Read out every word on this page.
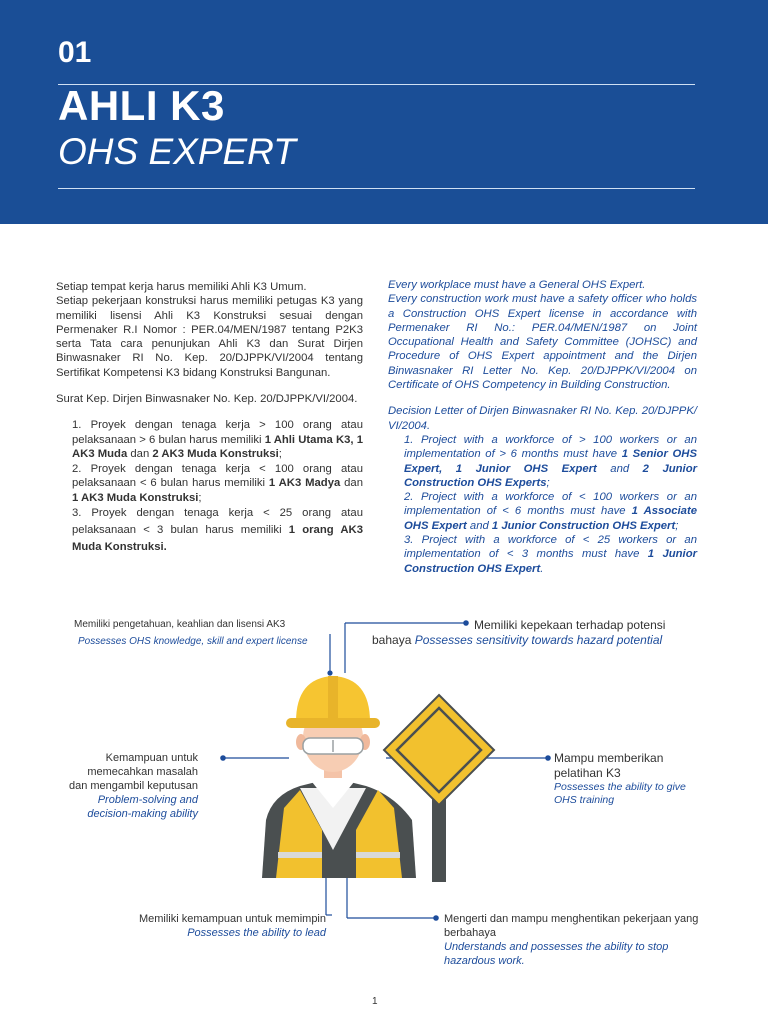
01
AHLI K3
OHS EXPERT

Setiap tempat kerja harus memiliki Ahli K3 Umum.

Setiap pekerjaan konstruksi harus memiliki petugas K3 yang memiliki lisensi Ahli K3 Konstruksi sesuai dengan Permenaker R.I Nomor : PER.04/MEN/1987 tentang P2K3 serta Tata cara penunjukan Ahli K3 dan Surat Dirjen Binwasnaker RI No. Kep. 20/DJPPK/VI/2004 tentang Sertifikat Kompetensi K3 bidang Konstruksi Bangunan.

Surat Kep. Dirjen Binwasnaker No. Kep. 20/DJPPK/VI/2004.

1. Proyek dengan tenaga kerja > 100 orang atau pelaksanaan > 6 bulan harus memiliki 1 Ahli Utama K3, 1 AK3 Muda dan 2 AK3 Muda Konstruksi;
2. Proyek dengan tenaga kerja < 100 orang atau pelaksanaan < 6 bulan harus memiliki 1 AK3 Madya dan 1 AK3 Muda Konstruksi;
3. Proyek dengan tenaga kerja < 25 orang atau pelaksanaan < 3 bulan harus memiliki 1 orang AK3 Muda Konstruksi.

Every workplace must have a General OHS Expert.

Every construction work must have a safety officer who holds a Construction OHS Expert license in accordance with Permenaker RI No.: PER.04/MEN/1987 on Joint Occupational Health and Safety Committee (JOHSC) and Procedure of OHS Expert appointment and the Dirjen Binwasnaker RI Letter No. Kep. 20/DJPPK/VI/2004 on Certificate of OHS Competency in Building Construction.

Decision Letter of Dirjen Binwasnaker RI No. Kep. 20/DJPPK/ VI/2004.

1. Project with a workforce of > 100 workers or an implementation of > 6 months must have 1 Senior OHS Expert, 1 Junior OHS Expert and 2 Junior Construction OHS Experts;
2. Project with a workforce of < 100 workers or an implementation of < 6 months must have 1 Associate OHS Expert and 1 Junior Construction OHS Expert;
3. Project with a workforce of < 25 workers or an implementation of < 3 months must have 1 Junior Construction OHS Expert.
Memiliki pengetahuan, keahlian dan lisensi AK3
Possesses OHS knowledge, skill and expert license
Memiliki kepekaan terhadap potensi
bahaya Possesses sensitivity towards hazard potential
Kemampuan untuk memecahkan masalah dan mengambil keputusan
Problem-solving and decision-making ability
Mampu memberikan pelatihan K3
Possesses the ability to give OHS training
Memiliki kemampuan untuk memimpin
Possesses the ability to lead
Mengerti dan mampu menghentikan pekerjaan yang berbahaya
Understands and possesses the ability to stop hazardous work.
1
